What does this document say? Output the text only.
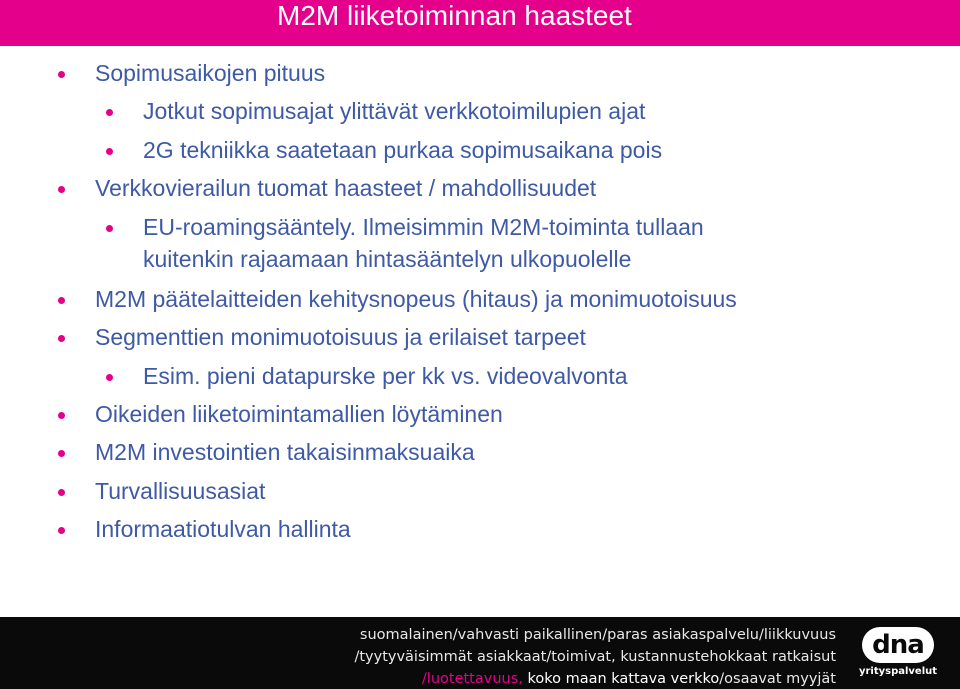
M2M liiketoiminnan haasteet
Sopimusaikojen pituus
Jotkut sopimusajat ylittävät verkkotoimilupien ajat
2G tekniikka saatetaan purkaa sopimusaikana pois
Verkkovierailun tuomat haasteet / mahdollisuudet
EU-roamingsääntely. Ilmeisimmin M2M-toiminta tullaan
kuitenkin rajaamaan hintasääntelyn ulkopuolelle
M2M päätelaitteiden kehitysnopeus (hitaus) ja monimuotoisuus
Segmenttien monimuotoisuus ja erilaiset tarpeet
Esim. pieni datapurske per kk vs. videovalvonta
Oikeiden liiketoimintamallien löytäminen
M2M investointien takaisinmaksuaika
Turvallisuusasiat
Informaatiotulvan hallinta
suomalainen/vahvasti paikallinen/paras asiakaspalvelu/liikkuvuus
/tyytyväisimmät asiakkaat/toimivat, kustannustehokkaat ratkaisut
/luotettavuus, koko maan kattava verkko/osaavat myyjät
dna
yrityspalvelut
